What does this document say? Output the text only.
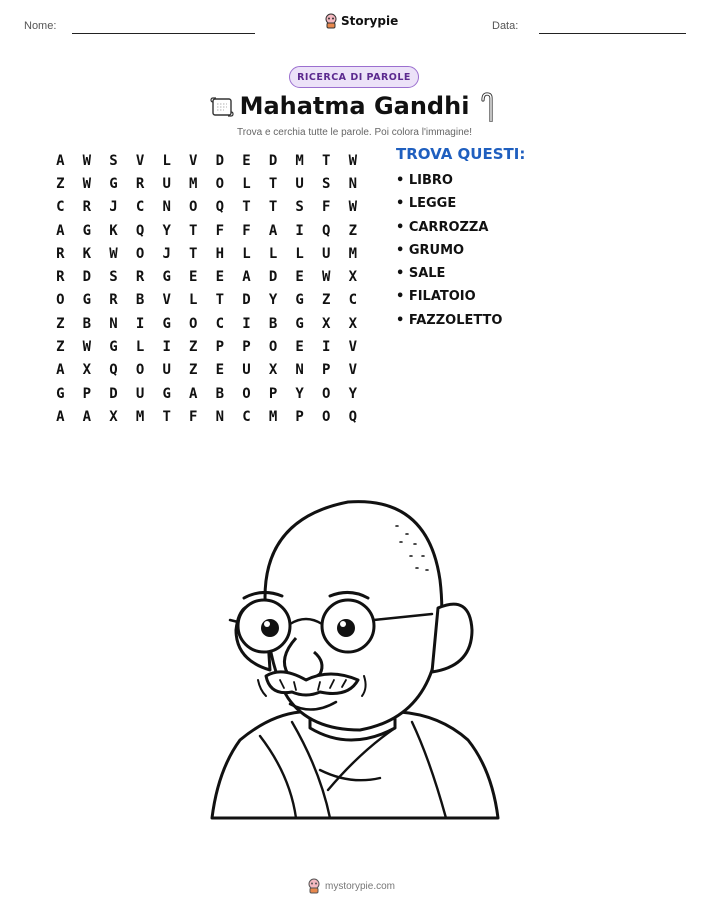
Nome:	Storypie	Data:
RICERCA DI PAROLE
Mahatma Gandhi
Trova e cerchia tutte le parole. Poi colora l'immagine!
A	W	S	V	L	V	D	E	D	M	T	W
Z	W	G	R	U	M	O	L	T	U	S	N
C	R	J	C	N	O	Q	T	T	S	F	W
A	G	K	Q	Y	T	F	F	A	I	Q	Z
R	K	W	O	J	T	H	L	L	L	U	M
R	D	S	R	G	E	E	A	D	E	W	X
O	G	R	B	V	L	T	D	Y	G	Z	C
Z	B	N	I	G	O	C	I	B	G	X	X
Z	W	G	L	I	Z	P	P	O	E	I	V
A	X	Q	O	U	Z	E	U	X	N	P	V
G	P	D	U	G	A	B	O	P	Y	O	Y
A	A	X	M	T	F	N	C	M	P	O	Q
TROVA QUESTI:
• LIBRO
• LEGGE
• CARROZZA
• GRUMO
• SALE
• FILATOIO
• FAZZOLETTO
mystorypie.com
